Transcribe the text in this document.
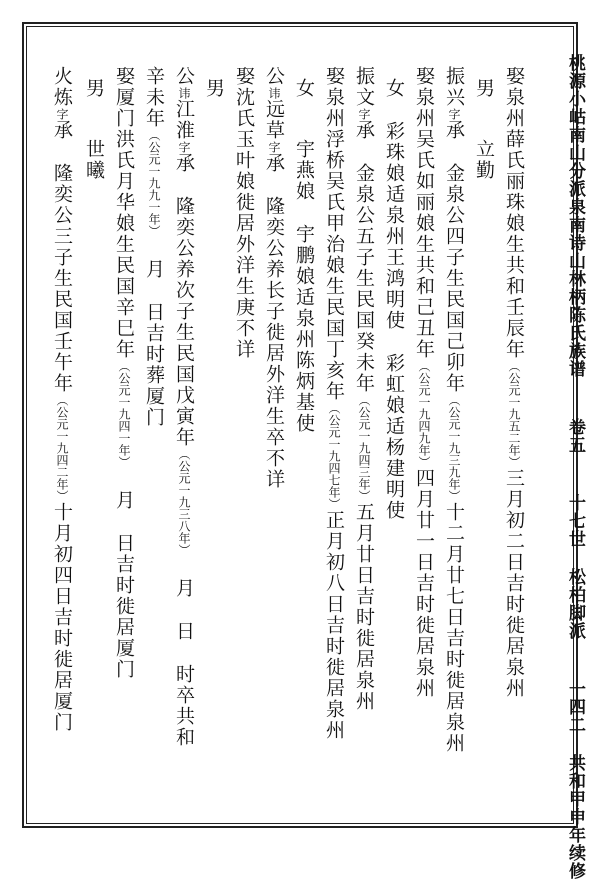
桃源小岵南山分派泉南诗山林柄陈氏族谱卷五十七世松柏脚派一四二共和甲申年续修
娶泉州薛氏丽珠娘生共和壬辰年（公元一九五二年）三月初二日吉时徙居泉州
男立勤
振兴字承金泉公四子生民国己卯年（公元一九三九年）十二月廿七日吉时徙居泉州
娶泉州吴氏如丽娘生共和己丑年（公元一九四九年）四月廿一日吉时徙居泉州
女彩珠娘适泉州王鸿明使彩虹娘适杨建明使
振文字承金泉公五子生民国癸未年（公元一九四三年）五月廿日吉时徙居泉州
娶泉州浮桥吴氏甲治娘生民国丁亥年（公元一九四七年）正月初八日吉时徙居泉州
女宇燕娘宇鹏娘适泉州陈炳基使
公讳远草字承隆奕公养长子徙居外洋生卒不详
娶沈氏玉叶娘徙居外洋生庚不详
男
公讳江淮字承隆奕公养次子生民国戊寅年（公元一九三八年）月日时卒共和
辛未年（公元一九九一年）月日吉时葬厦门
娶厦门洪氏月华娘生民国辛巳年（公元一九四一年）月日吉时徙居厦门
男世曦
火炼字承隆奕公三子生民国壬午年（公元一九四二年）十月初四日吉时徙居厦门
